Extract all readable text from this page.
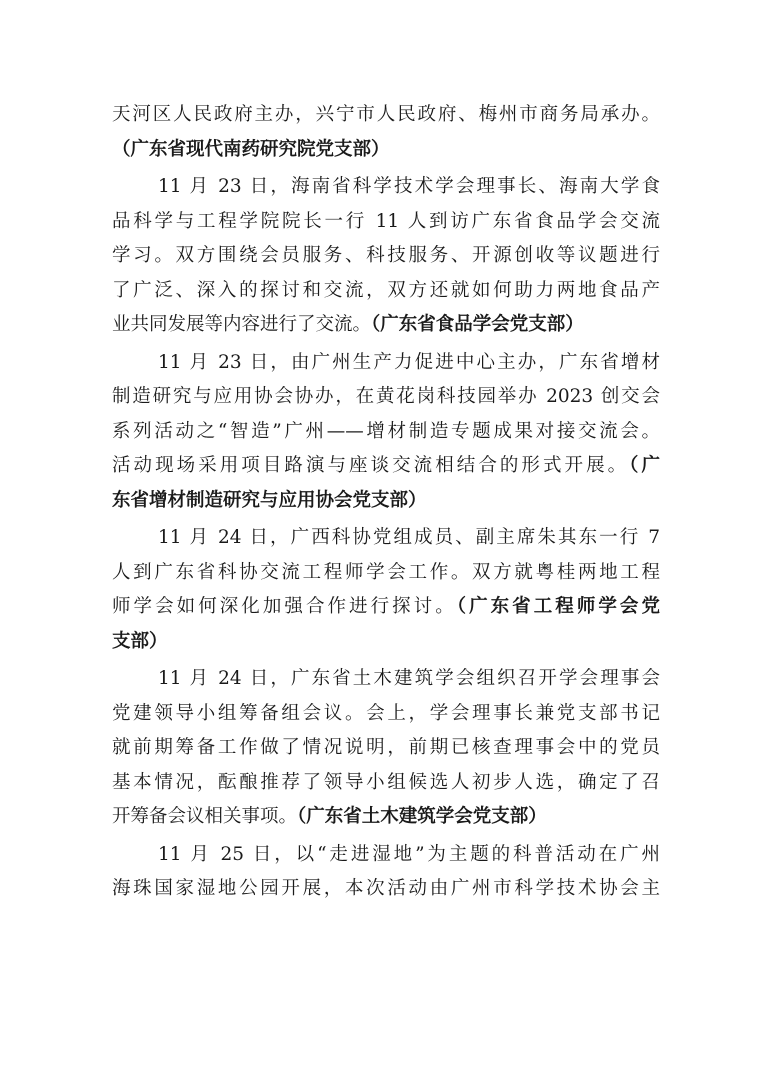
天河区人民政府主办，兴宁市人民政府、梅州市商务局承办。
（广东省现代南药研究院党支部）
11 月 23 日，海南省科学技术学会理事长、海南大学食
品科学与工程学院院长一行 11 人到访广东省食品学会交流
学习。双方围绕会员服务、科技服务、开源创收等议题进行
了广泛、深入的探讨和交流，双方还就如何助力两地食品产
业共同发展等内容进行了交流。（广东省食品学会党支部）
11 月 23 日，由广州生产力促进中心主办，广东省增材
制造研究与应用协会协办，在黄花岗科技园举办 2023 创交会
系列活动之“智造”广州——增材制造专题成果对接交流会。
活动现场采用项目路演与座谈交流相结合的形式开展。（广
东省增材制造研究与应用协会党支部）
11 月 24 日，广西科协党组成员、副主席朱其东一行 7
人到广东省科协交流工程师学会工作。双方就粤桂两地工程
师学会如何深化加强合作进行探讨。（广东省工程师学会党
支部）
11 月 24 日，广东省土木建筑学会组织召开学会理事会
党建领导小组筹备组会议。会上，学会理事长兼党支部书记
就前期筹备工作做了情况说明，前期已核查理事会中的党员
基本情况，酝酿推荐了领导小组候选人初步人选，确定了召
开筹备会议相关事项。（广东省土木建筑学会党支部）
11 月 25 日，以“走进湿地”为主题的科普活动在广州
海珠国家湿地公园开展，本次活动由广州市科学技术协会主
